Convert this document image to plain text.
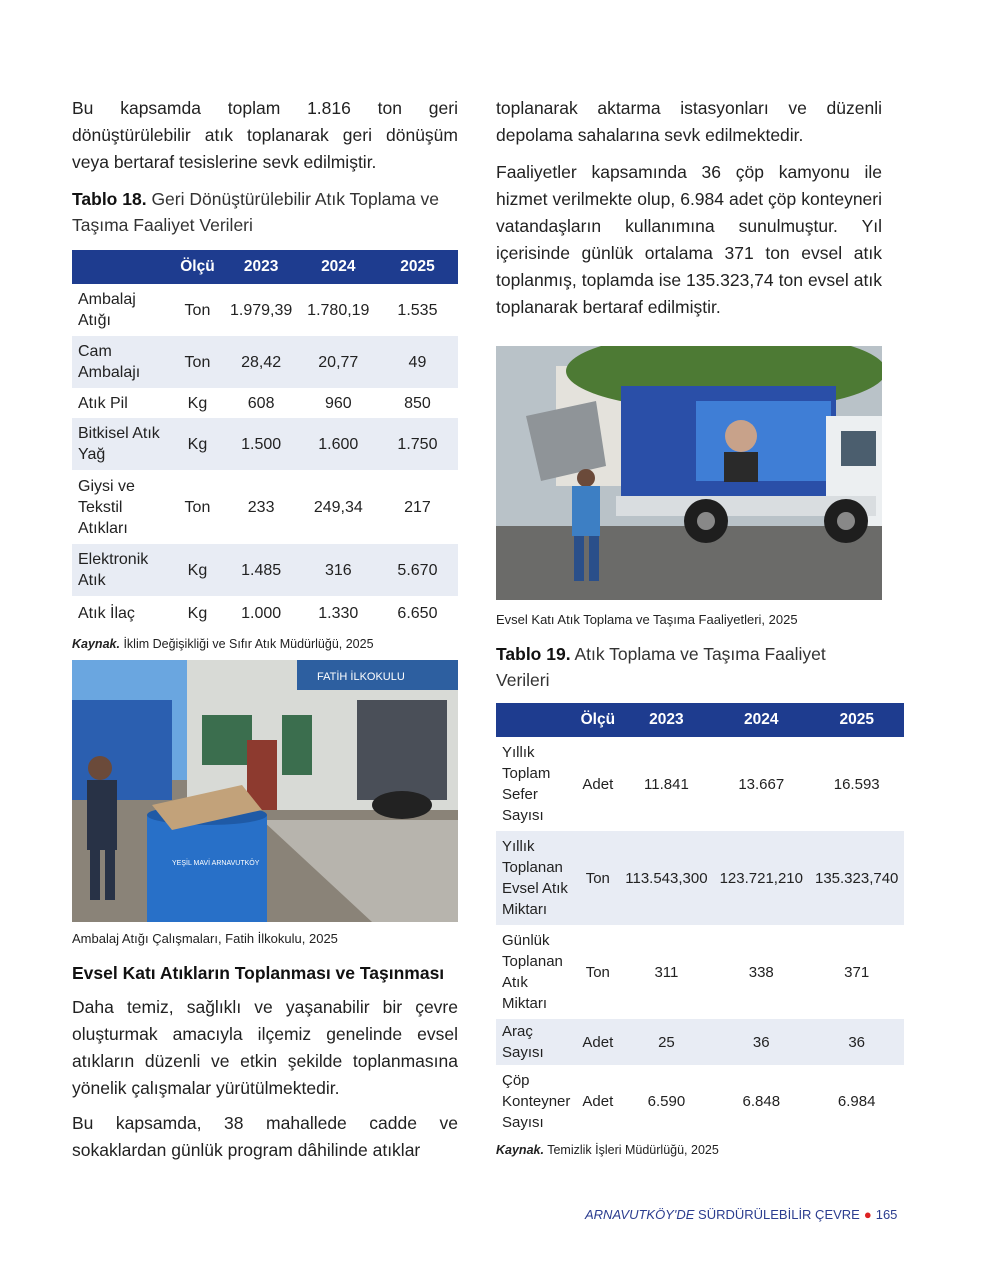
Bu kapsamda toplam 1.816 ton geri dönüştürülebilir atık toplanarak geri dönüşüm veya bertaraf tesislerine sevk edilmiştir.

Tablo 18. Geri Dönüştürülebilir Atık Toplama ve Taşıma Faaliyet Verileri

	Ölçü	2023	2024	2025
Ambalaj Atığı	Ton	1.979,39	1.780,19	1.535
Cam Ambalajı	Ton	28,42	20,77	49
Atık Pil	Kg	608	960	850
Bitkisel Atık Yağ	Kg	1.500	1.600	1.750
Giysi ve Tekstil Atıkları	Ton	233	249,34	217
Elektronik Atık	Kg	1.485	316	5.670
Atık İlaç	Kg	1.000	1.330	6.650

Kaynak. İklim Değişikliği ve Sıfır Atık Müdürlüğü, 2025

FATİH İLKOKULU
YEŞİL MAVİ ARNAVUTKÖY

Ambalaj Atığı Çalışmaları, Fatih İlkokulu, 2025

Evsel Katı Atıkların Toplanması ve Taşınması

Daha temiz, sağlıklı ve yaşanabilir bir çevre oluşturmak amacıyla ilçemiz genelinde evsel atıkların düzenli ve etkin şekilde toplanmasına yönelik çalışmalar yürütülmektedir.

Bu kapsamda, 38 mahallede cadde ve sokaklardan günlük program dâhilinde atıklar

toplanarak aktarma istasyonları ve düzenli depolama sahalarına sevk edilmektedir.

Faaliyetler kapsamında 36 çöp kamyonu ile hizmet verilmekte olup, 6.984 adet çöp konteyneri vatandaşların kullanımına sunulmuştur. Yıl içerisinde günlük ortalama 371 ton evsel atık toplanmış, toplamda ise 135.323,74 ton evsel atık toplanarak bertaraf edilmiştir.

Evsel Katı Atık Toplama ve Taşıma Faaliyetleri, 2025

Tablo 19. Atık Toplama ve Taşıma Faaliyet Verileri

	Ölçü	2023	2024	2025
Yıllık Toplam Sefer Sayısı	Adet	11.841	13.667	16.593
Yıllık Toplanan Evsel Atık Miktarı	Ton	113.543,300	123.721,210	135.323,740
Günlük Toplanan Atık Miktarı	Ton	311	338	371
Araç Sayısı	Adet	25	36	36
Çöp Konteyner Sayısı	Adet	6.590	6.848	6.984

Kaynak. Temizlik İşleri Müdürlüğü, 2025

ARNAVUTKÖY'DE SÜRDÜRÜLEBİLİR ÇEVRE ● 165
